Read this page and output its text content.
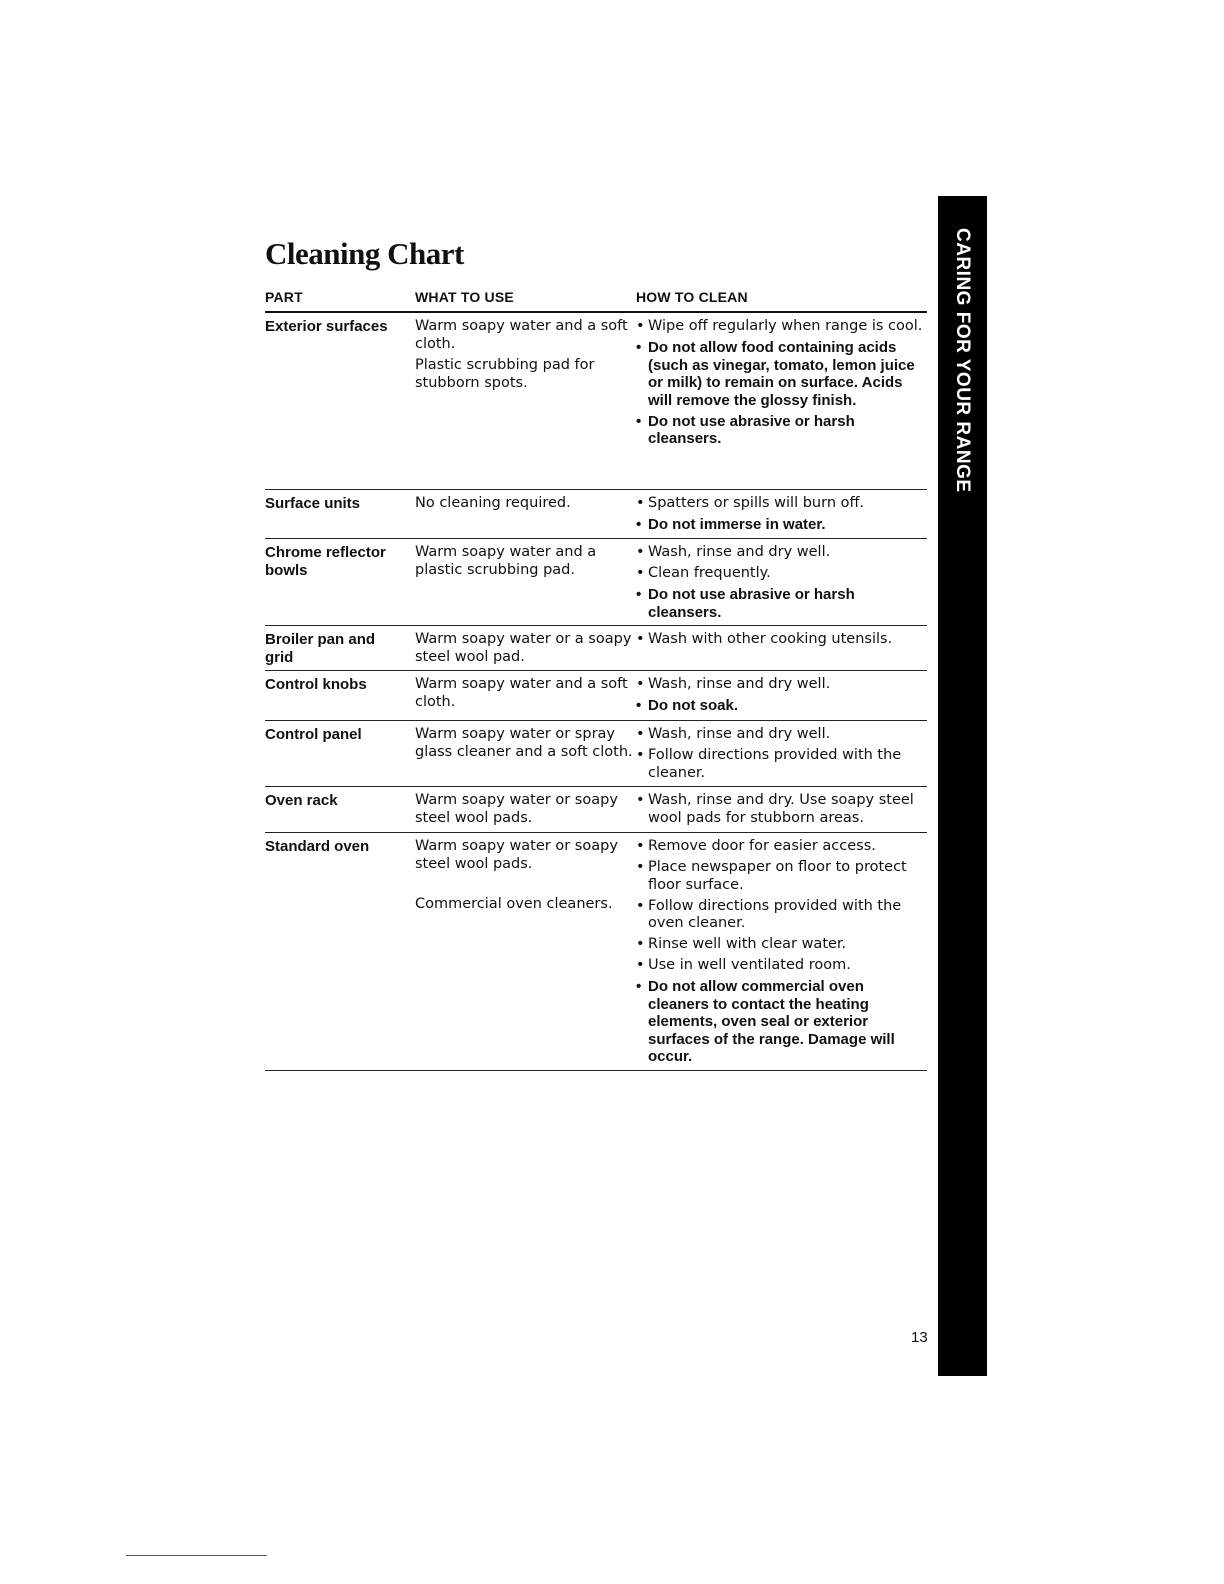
Cleaning Chart
PART	WHAT TO USE	HOW TO CLEAN
Exterior surfaces	Warm soapy water and a soft cloth.

Plastic scrubbing pad for stubborn spots.

• Wipe off regularly when range is cool.
• Do not allow food containing acids (such as vinegar, tomato, lemon juice or milk) to remain on surface. Acids will remove the glossy finish.
• Do not use abrasive or harsh cleansers.
Surface units	No cleaning required.

•	Spatters or spills will burn off.
• Do not immerse in water.
Chrome reflector bowls

Warm soapy water and a plastic scrubbing pad.

• Wash, rinse and dry well.
• Clean frequently.
• Do not use abrasive or harsh cleansers.
Broiler pan and grid

Warm soapy water or a soapy steel wool pad.

• Wash with other cooking utensils.
Control knobs	Warm soapy water and a soft cloth.

• Wash, rinse and dry well.
• Do not soak.
Control panel	Warm soapy water or spray glass cleaner and a soft cloth.

• Wash, rinse and dry well.
• Follow directions provided with the cleaner.
Oven rack	Warm soapy water or soapy steel wool pads.

• Wash, rinse and dry. Use soapy steel wool pads for stubborn areas.
Standard oven	Warm soapy water or soapy steel wool pads.

Commercial oven cleaners.

• Remove door for easier access.
• Place newspaper on floor to protect floor surface.
• Follow directions provided with the oven cleaner.
• Rinse well with clear water.
• Use in well ventilated room.
• Do not allow commercial oven cleaners to contact the heating elements, oven seal or exterior surfaces of the range. Damage will occur.
CARING FOR YOUR RANGE
13
